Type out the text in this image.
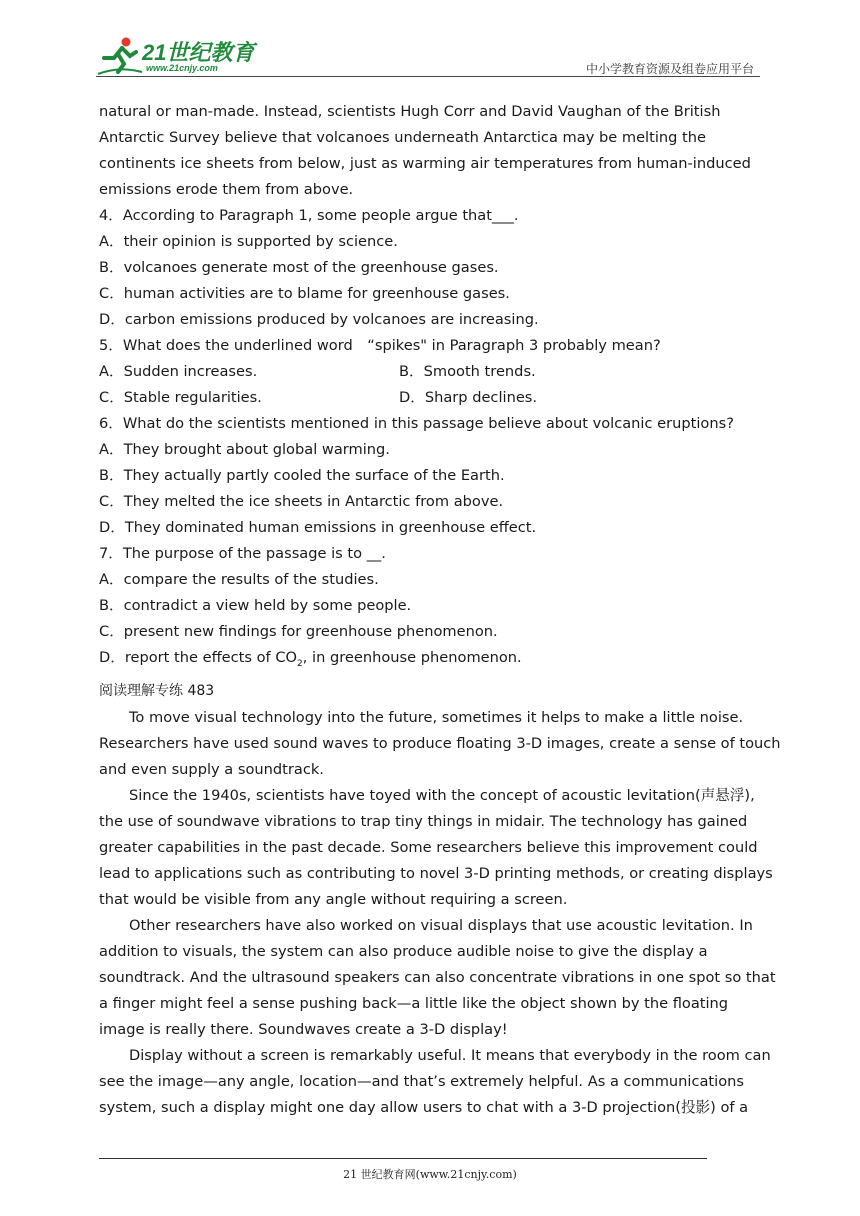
21世纪教育
www.21cnjy.com	中小学教育资源及组卷应用平台
natural or man-made. Instead, scientists Hugh Corr and David Vaughan of the British
Antarctic Survey believe that volcanoes underneath Antarctica may be melting the
continents ice sheets from below, just as warming air temperatures from human-induced
emissions erode them from above.
4．According to Paragraph 1, some people argue that___.
A．their opinion is supported by science.
B．volcanoes generate most of the greenhouse gases.
C．human activities are to blame for greenhouse gases.
D．carbon emissions produced by volcanoes are increasing.
5．What does the underlined word　“spikes" in Paragraph 3 probably mean?
A．Sudden increases.	B．Smooth trends.
C．Stable regularities.	D．Sharp declines.
6．What do the scientists mentioned in this passage believe about volcanic eruptions?
A．They brought about global warming.
B．They actually partly cooled the surface of the Earth.
C．They melted the ice sheets in Antarctic from above.
D．They dominated human emissions in greenhouse effect.
7．The purpose of the passage is to __.
A．compare the results of the studies.
B．contradict a view held by some people.
C．present new findings for greenhouse phenomenon.
D．report the effects of $CO_2$, in greenhouse phenomenon.
阅读理解专练 483
To move visual technology into the future, sometimes it helps to make a little noise.
Researchers have used sound waves to produce floating 3-D images, create a sense of touch
and even supply a soundtrack.
Since the 1940s, scientists have toyed with the concept of acoustic levitation(声悬浮),
the use of soundwave vibrations to trap tiny things in midair. The technology has gained
greater capabilities in the past decade. Some researchers believe this improvement could
lead to applications such as contributing to novel 3-D printing methods, or creating displays
that would be visible from any angle without requiring a screen.
Other researchers have also worked on visual displays that use acoustic levitation. In
addition to visuals, the system can also produce audible noise to give the display a
soundtrack. And the ultrasound speakers can also concentrate vibrations in one spot so that
a finger might feel a sense pushing back—a little like the object shown by the floating
image is really there. Soundwaves create a 3-D display!
Display without a screen is remarkably useful. It means that everybody in the room can
see the image—any angle, location—and that’s extremely helpful. As a communications
system, such a display might one day allow users to chat with a 3-D projection(投影) of a
21 世纪教育网(www.21cnjy.com)
